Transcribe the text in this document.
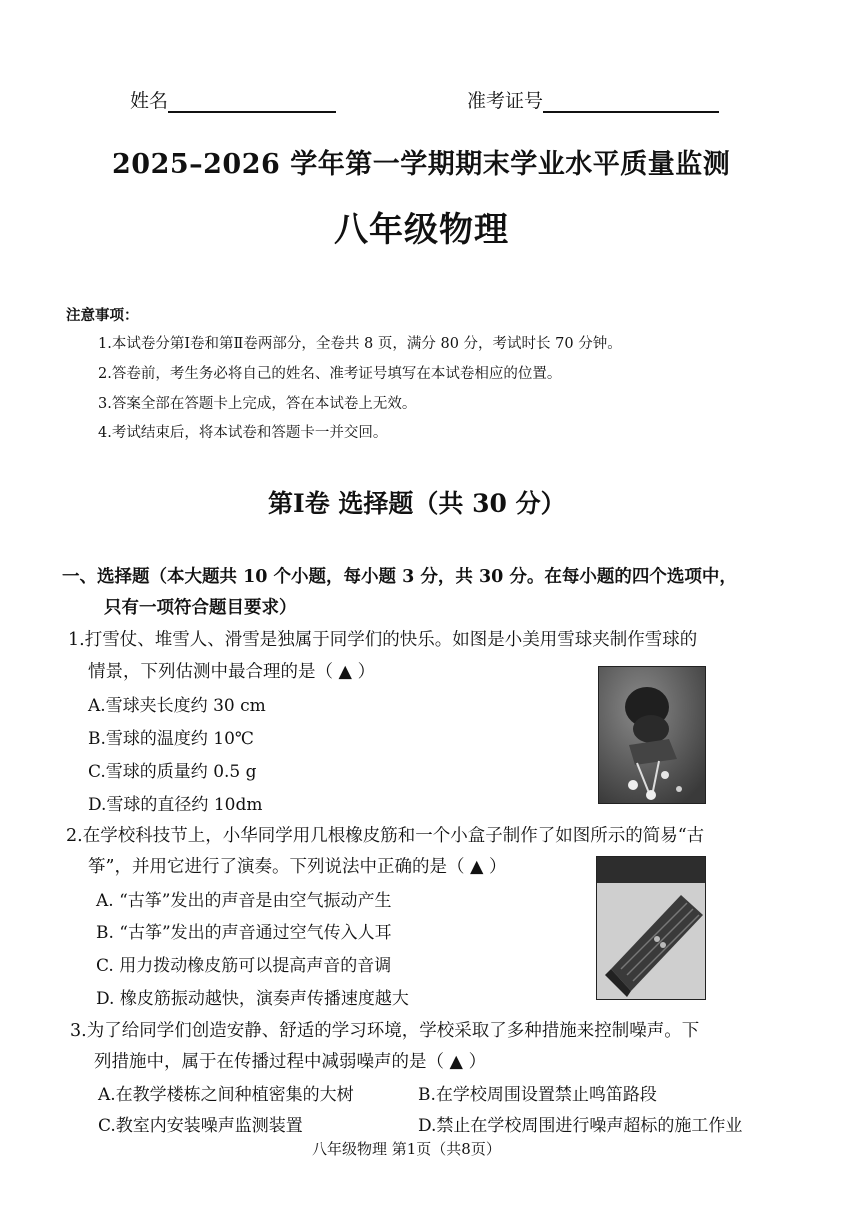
姓名	准考证号
2025–2026 学年第一学期期末学业水平质量监测
八年级物理
注意事项：
1.本试卷分第Ⅰ卷和第Ⅱ卷两部分，全卷共 8 页，满分 80 分，考试时长 70 分钟。
2.答卷前，考生务必将自己的姓名、准考证号填写在本试卷相应的位置。
3.答案全部在答题卡上完成，答在本试卷上无效。
4.考试结束后，将本试卷和答题卡一并交回。
第Ⅰ卷 选择题（共 30 分）
一、选择题（本大题共 10 个小题，每小题 3 分，共 30 分。在每小题的四个选项中，
只有一项符合题目要求）
1.打雪仗、堆雪人、滑雪是独属于同学们的快乐。如图是小美用雪球夹制作雪球的
情景，下列估测中最合理的是（ ▲ ）
A.雪球夹长度约 30 cm
B.雪球的温度约 10℃
C.雪球的质量约 0.5 g
D.雪球的直径约 10dm
2.在学校科技节上，小华同学用几根橡皮筋和一个小盒子制作了如图所示的简易“古
筝”，并用它进行了演奏。下列说法中正确的是（ ▲ ）
A. “古筝”发出的声音是由空气振动产生
B. “古筝”发出的声音通过空气传入人耳
C. 用力拨动橡皮筋可以提高声音的音调
D. 橡皮筋振动越快，演奏声传播速度越大
3.为了给同学们创造安静、舒适的学习环境，学校采取了多种措施来控制噪声。下
列措施中，属于在传播过程中减弱噪声的是（ ▲ ）
A.在教学楼栋之间种植密集的大树	B.在学校周围设置禁止鸣笛路段
C.教室内安装噪声监测装置	D.禁止在学校周围进行噪声超标的施工作业
八年级物理 第1页（共8页）
